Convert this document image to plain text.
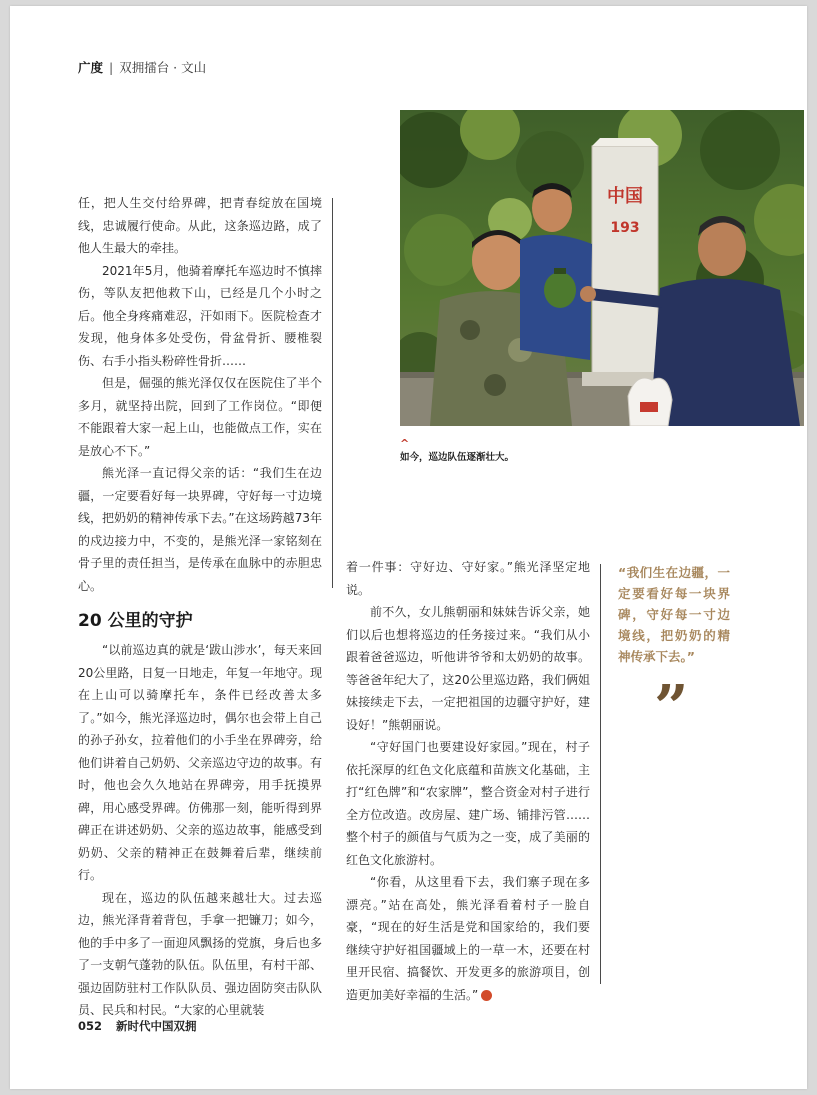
广度 | 双拥擂台 · 文山
中国
193
^
如今，巡边队伍逐渐壮大。

任，把人生交付给界碑，把青春绽放在国境线，忠诚履行使命。从此，这条巡边路，成了他人生最大的牵挂。

2021年5月，他骑着摩托车巡边时不慎摔伤，等队友把他救下山，已经是几个小时之后。他全身疼痛难忍，汗如雨下。医院检查才发现，他身体多处受伤，骨盆骨折、腰椎裂伤、右手小指头粉碎性骨折……

但是，倔强的熊光泽仅仅在医院住了半个多月，就坚持出院，回到了工作岗位。“即便不能跟着大家一起上山，也能做点工作，实在是放心不下。”

熊光泽一直记得父亲的话：“我们生在边疆，一定要看好每一块界碑，守好每一寸边境线，把奶奶的精神传承下去。”在这场跨越73年的戍边接力中，不变的，是熊光泽一家铭刻在骨子里的责任担当，是传承在血脉中的赤胆忠心。

20 公里的守护

“以前巡边真的就是‘跋山涉水’，每天来回20公里路，日复一日地走，年复一年地守。现在上山可以骑摩托车，条件已经改善太多了。”如今，熊光泽巡边时，偶尔也会带上自己的孙子孙女，拉着他们的小手坐在界碑旁，给他们讲着自己奶奶、父亲巡边守边的故事。有时，他也会久久地站在界碑旁，用手抚摸界碑，用心感受界碑。仿佛那一刻，能听得到界碑正在讲述奶奶、父亲的巡边故事，能感受到奶奶、父亲的精神正在鼓舞着后辈，继续前行。

现在，巡边的队伍越来越壮大。过去巡边，熊光泽背着背包，手拿一把镰刀；如今，他的手中多了一面迎风飘扬的党旗，身后也多了一支朝气蓬勃的队伍。队伍里，有村干部、强边固防驻村工作队队员、强边固防突击队队员、民兵和村民。“大家的心里就装

着一件事：守好边、守好家。”熊光泽坚定地说。

前不久，女儿熊朝丽和妹妹告诉父亲，她们以后也想将巡边的任务接过来。“我们从小跟着爸爸巡边，听他讲爷爷和太奶奶的故事。等爸爸年纪大了，这20公里巡边路，我们俩姐妹接续走下去，一定把祖国的边疆守护好，建设好！”熊朝丽说。

“守好国门也要建设好家园。”现在，村子依托深厚的红色文化底蕴和苗族文化基础，主打“红色牌”和“农家牌”，整合资金对村子进行全方位改造。改房屋、建广场、铺排污管……整个村子的颜值与气质为之一变，成了美丽的红色文化旅游村。

“你看，从这里看下去，我们寨子现在多漂亮。”站在高处，熊光泽看着村子一脸自豪，“现在的好生活是党和国家给的，我们要继续守护好祖国疆域上的一草一木，还要在村里开民宿、搞餐饮、开发更多的旅游项目，创造更加美好幸福的生活。”	N

“我们生在边疆，一定要看好每一块界碑，守好每一寸边境线，把奶奶的精神传承下去。”
”
052 新时代中国双拥
